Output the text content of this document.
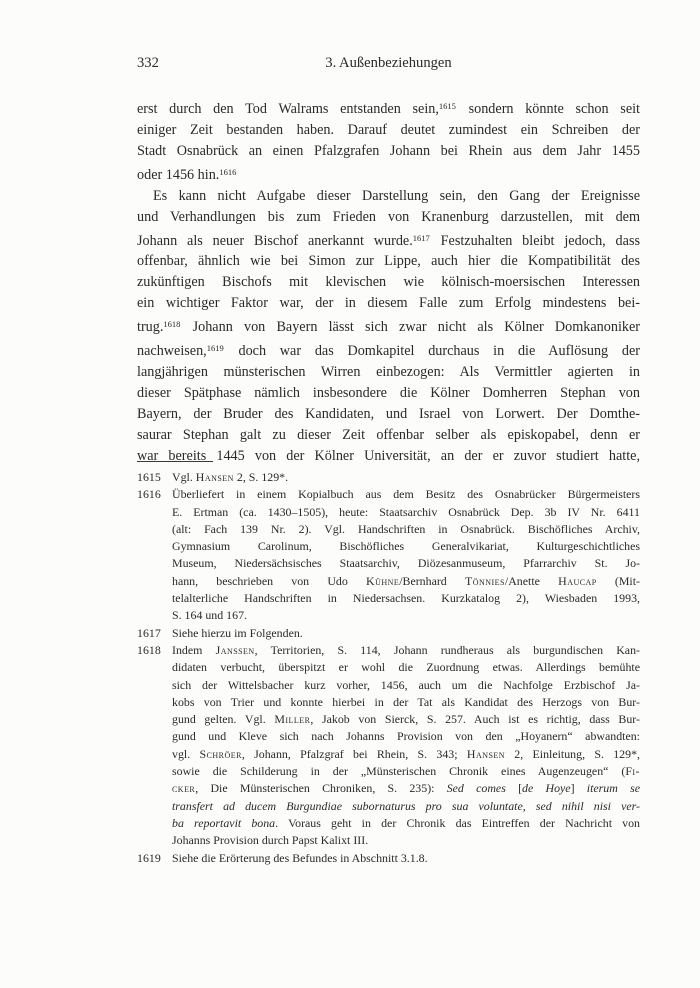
332	3. Außenbeziehungen
erst durch den Tod Walrams entstanden sein,$^{1615}$ sondern könnte schon seit
einiger Zeit bestanden haben. Darauf deutet zumindest ein Schreiben der
Stadt Osnabrück an einen Pfalzgrafen Johann bei Rhein aus dem Jahr 1455
oder 1456 hin.$^{1616}$
Es kann nicht Aufgabe dieser Darstellung sein, den Gang der Ereignisse
und Verhandlungen bis zum Frieden von Kranenburg darzustellen, mit dem
Johann als neuer Bischof anerkannt wurde.$^{1617}$ Festzuhalten bleibt jedoch, dass
offenbar, ähnlich wie bei Simon zur Lippe, auch hier die Kompatibilität des
zukünftigen Bischofs mit klevischen wie kölnisch-moersischen Interessen
ein wichtiger Faktor war, der in diesem Falle zum Erfolg mindestens bei-
trug.$^{1618}$ Johann von Bayern lässt sich zwar nicht als Kölner Domkanoniker
nachweisen,$^{1619}$ doch war das Domkapitel durchaus in die Auflösung der
langjährigen münsterischen Wirren einbezogen: Als Vermittler agierten in
dieser Spätphase nämlich insbesondere die Kölner Domherren Stephan von
Bayern, der Bruder des Kandidaten, und Israel von Lorwert. Der Domthe-
saurar Stephan galt zu dieser Zeit offenbar selber als episkopabel, denn er
war bereits 1445 von der Kölner Universität, an der er zuvor studiert hatte,
1615 Vgl. Hansen 2, S. 129*.
1616 Überliefert in einem Kopialbuch aus dem Besitz des Osnabrücker Bürgermeisters
E. Ertman (ca. 1430–1505), heute: Staatsarchiv Osnabrück Dep. 3b IV Nr. 6411
(alt: Fach 139 Nr. 2). Vgl. Handschriften in Osnabrück. Bischöfliches Archiv,
Gymnasium Carolinum, Bischöfliches Generalvikariat, Kulturgeschichtliches
Museum, Niedersächsisches Staatsarchiv, Diözesanmuseum, Pfarrarchiv St. Jo-
hann, beschrieben von Udo Kühne/Bernhard Tönnies/Anette Haucap (Mit-
telalterliche Handschriften in Niedersachsen. Kurzkatalog 2), Wiesbaden 1993,
S. 164 und 167.
1617 Siehe hierzu im Folgenden.
1618 Indem Janssen, Territorien, S. 114, Johann rundheraus als burgundischen Kan-
didaten verbucht, überspitzt er wohl die Zuordnung etwas. Allerdings bemühte
sich der Wittelsbacher kurz vorher, 1456, auch um die Nachfolge Erzbischof Ja-
kobs von Trier und konnte hierbei in der Tat als Kandidat des Herzogs von Bur-
gund gelten. Vgl. Miller, Jakob von Sierck, S. 257. Auch ist es richtig, dass Bur-
gund und Kleve sich nach Johanns Provision von den „Hoyanern“ abwandten:
vgl. Schröer, Johann, Pfalzgraf bei Rhein, S. 343; Hansen 2, Einleitung, S. 129*,
sowie die Schilderung in der „Münsterischen Chronik eines Augenzeugen“ (Fi-
cker, Die Münsterischen Chroniken, S. 235): Sed comes [de Hoye] iterum se
transfert ad ducem Burgundiae subornaturus pro sua voluntate, sed nihil nisi ver-
ba reportavit bona. Voraus geht in der Chronik das Eintreffen der Nachricht von
Johanns Provision durch Papst Kalixt III.
1619 Siehe die Erörterung des Befundes in Abschnitt 3.1.8.
